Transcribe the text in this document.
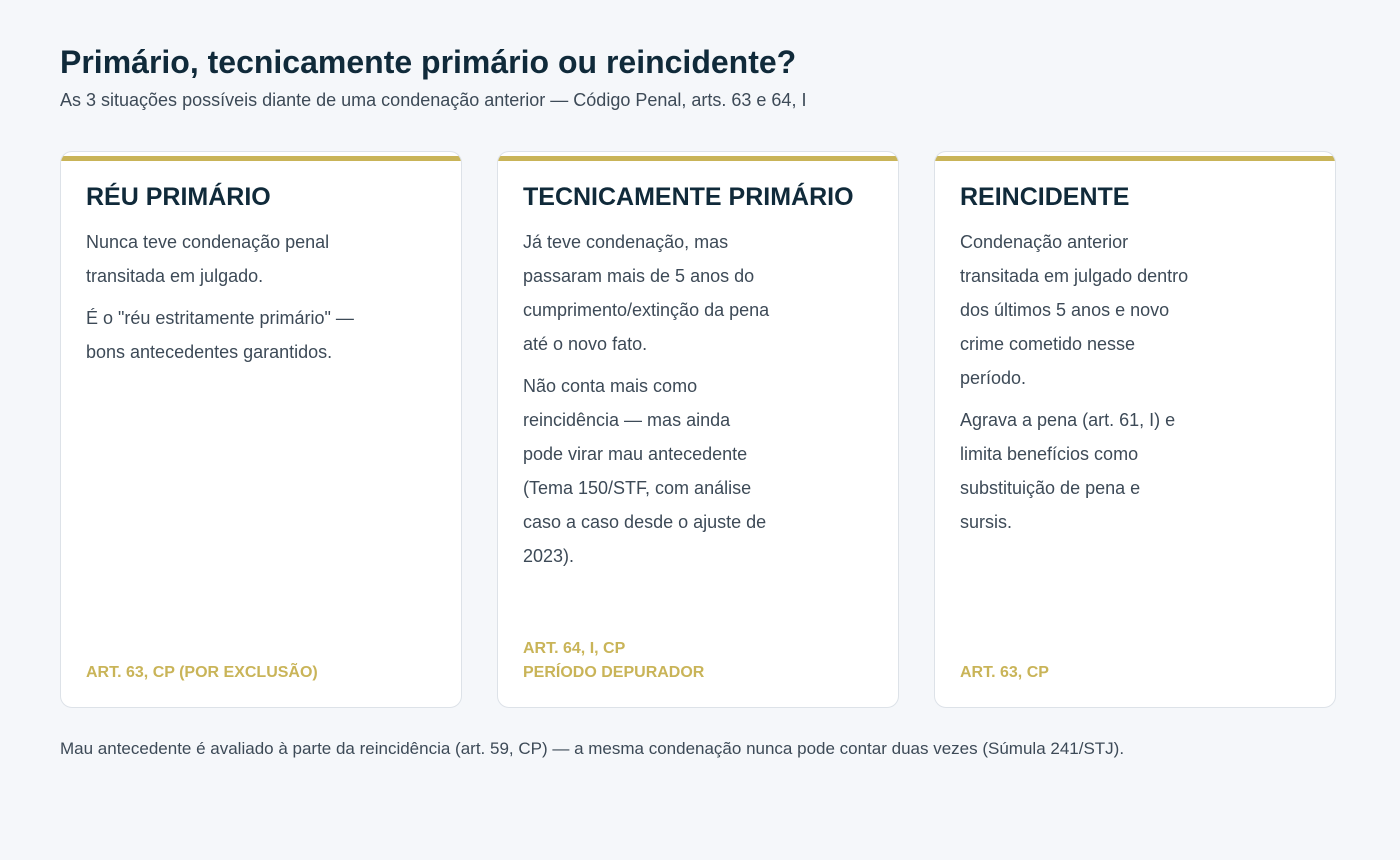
Primário, tecnicamente primário ou reincidente?

As 3 situações possíveis diante de uma condenação anterior — Código Penal, arts. 63 e 64, I

RÉU PRIMÁRIO

Nunca teve condenação penal transitada em julgado.

É o "réu estritamente primário" — bons antecedentes garantidos.

ART. 63, CP (POR EXCLUSÃO)
TECNICAMENTE PRIMÁRIO

Já teve condenação, mas passaram mais de 5 anos do cumprimento/extinção da pena até o novo fato.

Não conta mais como reincidência — mas ainda pode virar mau antecedente (Tema 150/STF, com análise caso a caso desde o ajuste de 2023).

ART. 64, I, CP
PERÍODO DEPURADOR
REINCIDENTE

Condenação anterior transitada em julgado dentro dos últimos 5 anos e novo crime cometido nesse período.

Agrava a pena (art. 61, I) e limita benefícios como substituição de pena e sursis.

ART. 63, CP

Mau antecedente é avaliado à parte da reincidência (art. 59, CP) — a mesma condenação nunca pode contar duas vezes (Súmula 241/STJ).
